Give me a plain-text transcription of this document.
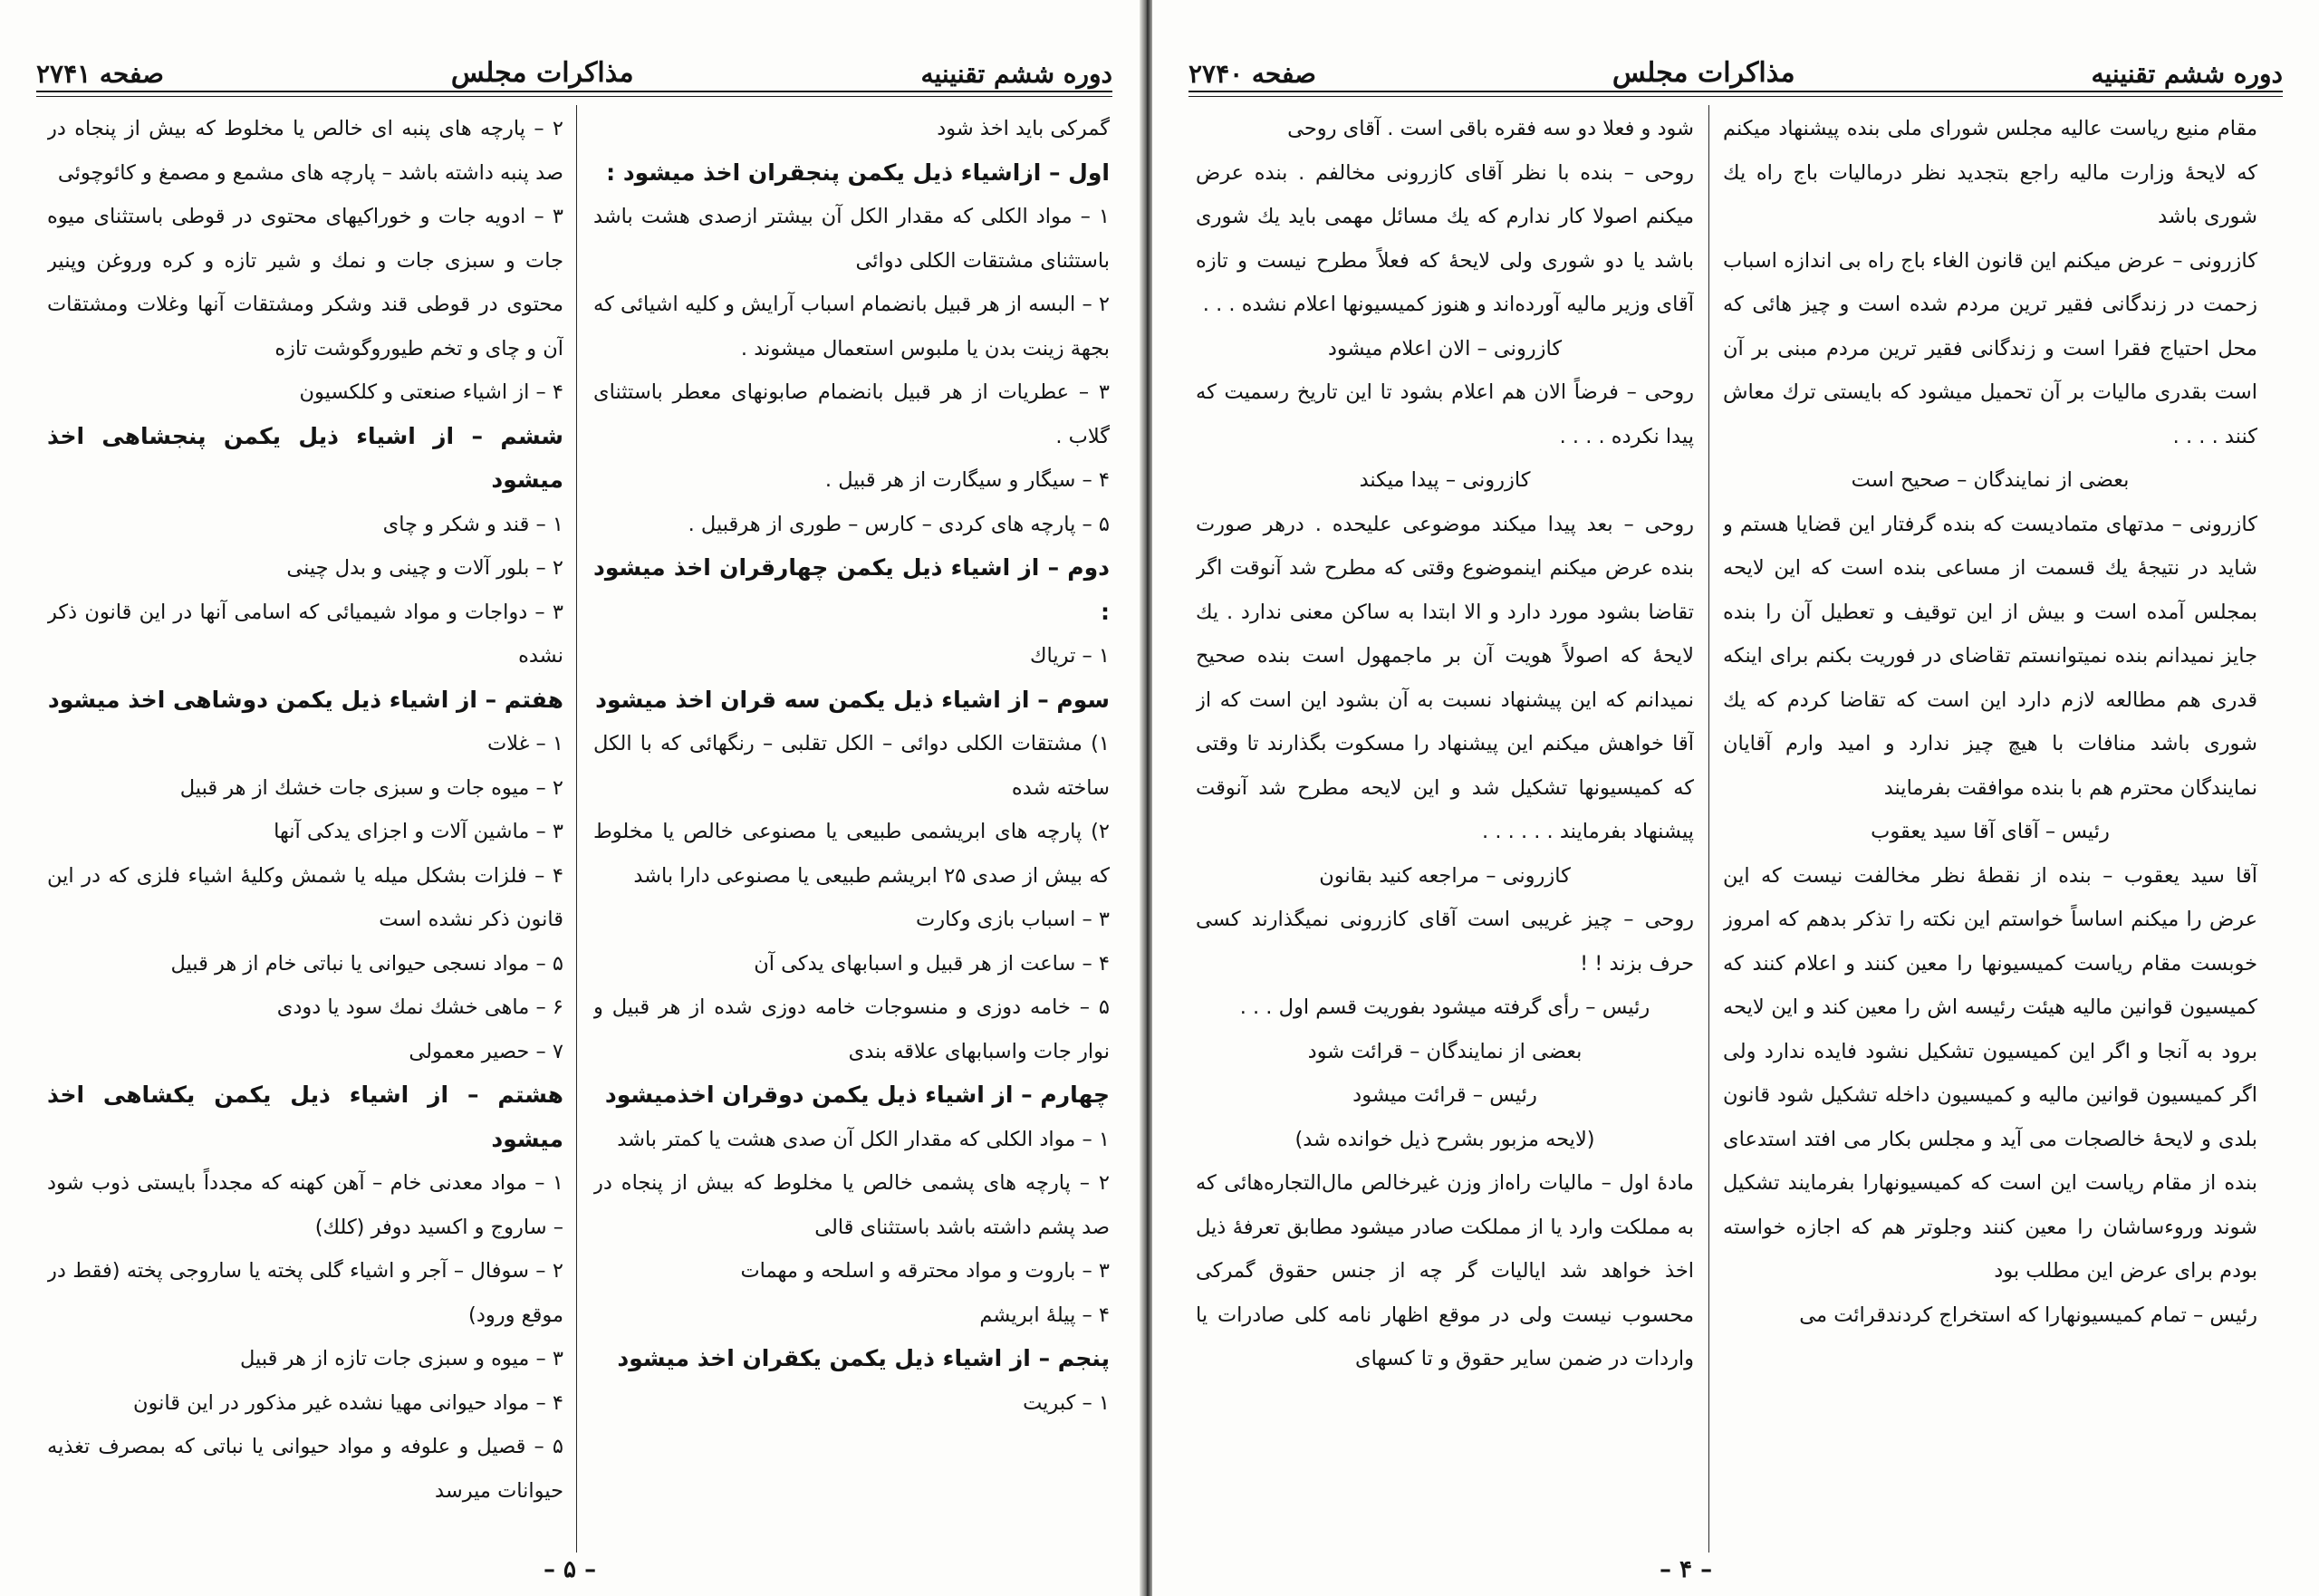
دوره ششم تقنینیه
مذاکرات مجلس
صفحه ۲۷۴۱

گمرکی باید اخذ شود

اول – ازاشیاء ذیل یکمن پنجقران اخذ میشود :

۱ – مواد الکلی که مقدار الکل آن بیشتر ازصدی هشت باشد باستثنای مشتقات الکلی دوائی

۲ – البسه از هر قبیل بانضمام اسباب آرایش و کلیه اشیائی که بجهة زینت بدن یا ملبوس استعمال میشوند .

۳ – عطریات از هر قبیل بانضمام صابونهای معطر باستثنای گلاب .

۴ – سیگار و سیگارت از هر قبیل .

۵ – پارچه های کردی – کارس – طوری از هرقبیل .

دوم – از اشیاء ذیل یکمن چهارقران اخذ میشود :

۱ – تریاك

سوم – از اشیاء ذیل یکمن سه قران اخذ میشود

۱) مشتقات الکلی دوائی – الکل تقلبی – رنگهائی که با الکل ساخته شده

۲) پارچه های ابریشمی طبیعی یا مصنوعی خالص یا مخلوط که بیش از صدی ۲۵ ابریشم طبیعی یا مصنوعی دارا باشد

۳ – اسباب بازی وکارت

۴ – ساعت از هر قبیل و اسبابهای یدکی آن

۵ – خامه دوزی و منسوجات خامه دوزی شده از هر قبیل و نوار جات واسبابهای علاقه بندی

چهارم – از اشیاء ذیل یکمن دوقران اخذمیشود

۱ – مواد الکلی که مقدار الکل آن صدی هشت یا کمتر باشد

۲ – پارچه های پشمی خالص یا مخلوط که بیش از پنجاه در صد پشم داشته باشد باستثنای قالی

۳ – باروت و مواد محترقه و اسلحه و مهمات

۴ – پیلهٔ ابریشم

پنجم – از اشیاء ذیل یکمن یکقران اخذ میشود

۱ – کبریت

۲ – پارچه های پنبه ای خالص یا مخلوط که بیش از پنجاه در صد پنبه داشته باشد – پارچه های مشمع و مصمغ و کائوچوئی

۳ – ادویه جات و خوراکیهای محتوی در قوطی باستثنای میوه جات و سبزی جات و نمك و شیر تازه و کره وروغن وپنیر محتوی در قوطی قند وشکر ومشتقات آنها وغلات ومشتقات آن و چای و تخم طیوروگوشت تازه

۴ – از اشیاء صنعتی و کلکسیون

ششم – از اشیاء ذیل یکمن پنجشاهی اخذ میشود

۱ – قند و شکر و چای

۲ – بلور آلات و چینی و بدل چینی

۳ – دواجات و مواد شیمیائی که اسامی آنها در این قانون ذکر نشده

هفتم – از اشیاء ذیل یکمن دوشاهی اخذ میشود

۱ – غلات

۲ – میوه جات و سبزی جات خشك از هر قبیل

۳ – ماشین آلات و اجزای یدکی آنها

۴ – فلزات بشکل میله یا شمش وکلیهٔ اشیاء فلزی که در این قانون ذکر نشده است

۵ – مواد نسجی حیوانی یا نباتی خام از هر قبیل

۶ – ماهی خشك نمك سود یا دودی

۷ – حصیر معمولی

هشتم – از اشیاء ذیل یکمن یکشاهی اخذ میشود

۱ – مواد معدنی خام – آهن کهنه که مجدداً بایستی ذوب شود – ساروج و اکسید دوفر (کلك)

۲ – سوفال – آجر و اشیاء گلی پخته یا ساروجی پخته (فقط در موقع ورود)

۳ – میوه و سبزی جات تازه از هر قبیل

۴ – مواد حیوانی مهیا نشده غیر مذکور در این قانون

۵ – قصیل و علوفه و مواد حیوانی یا نباتی که بمصرف تغذیه حیوانات میرسد

– ۵ –
دوره ششم تقنینیه
مذاکرات مجلس
صفحه ۲۷۴۰

مقام منیع ریاست عالیه مجلس شورای ملی بنده پیشنهاد میکنم که لایحهٔ وزارت مالیه راجع بتجدید نظر درمالیات باج راه یك شوری باشد

کازرونی – عرض میکنم این قانون الغاء باج راه بی اندازه اسباب زحمت در زندگانی فقیر ترین مردم شده است و چیز هائی که محل احتیاج فقرا است و زندگانی فقیر ترین مردم مبنی بر آن است بقدری مالیات بر آن تحمیل میشود که بایستی ترك معاش کنند . . . .

بعضی از نمایندگان – صحیح است

کازرونی – مدتهای متمادیست که بنده گرفتار این قضایا هستم و شاید در نتیجهٔ یك قسمت از مساعی بنده است که این لایحه بمجلس آمده است و بیش از این توقیف و تعطیل آن را بنده جایز نمیدانم بنده نمیتوانستم تقاضای در فوریت بکنم برای اینکه قدری هم مطالعه لازم دارد این است که تقاضا کردم که یك شوری باشد منافات با هیچ چیز ندارد و امید وارم آقایان نمایندگان محترم هم با بنده موافقت بفرمایند

رئیس – آقای آقا سید یعقوب

آقا سید یعقوب – بنده از نقطهٔ نظر مخالفت نیست که این عرض را میکنم اساساً خواستم این نکته را تذکر بدهم که امروز خوبست مقام ریاست کمیسیونها را معین کنند و اعلام کنند که کمیسیون قوانین مالیه هیئت رئیسه اش را معین کند و این لایحه برود به آنجا و اگر این کمیسیون تشکیل نشود فایده ندارد ولی اگر کمیسیون قوانین مالیه و کمیسیون داخله تشکیل شود قانون بلدی و لایحهٔ خالصجات می آید و مجلس بکار می افتد استدعای بنده از مقام ریاست این است که کمیسیونهارا بفرمایند تشکیل شوند وروءساشان را معین کنند وجلوتر هم که اجازه خواسته بودم برای عرض این مطلب بود

رئیس – تمام کمیسیونهارا که استخراج کردندقرائت می

شود و فعلا دو سه فقره باقی است . آقای روحی

روحی – بنده با نظر آقای کازرونی مخالفم . بنده عرض میکنم اصولا کار ندارم که یك مسائل مهمی باید یك شوری باشد یا دو شوری ولی لایحهٔ که فعلاً مطرح نیست و تازه آقای وزیر مالیه آورده‌اند و هنوز کمیسیونها اعلام نشده . . .

کازرونی – الان اعلام میشود

روحی – فرضاً الان هم اعلام بشود تا این تاریخ رسمیت که پیدا نکرده . . . .

کازرونی – پیدا میکند

روحی – بعد پیدا میکند موضوعی علیحده . درهر صورت بنده عرض میکنم اینموضوع وقتی که مطرح شد آنوقت اگر تقاضا بشود مورد دارد و الا ابتدا به ساکن معنی ندارد . یك لایحهٔ که اصولاً هویت آن بر ماجمهول است بنده صحیح نمیدانم که این پیشنهاد نسبت به آن بشود این است که از آقا خواهش میکنم این پیشنهاد را مسکوت بگذارند تا وقتی که کمیسیونها تشکیل شد و این لایحه مطرح شد آنوقت پیشنهاد بفرمایند . . . . . .

کازرونی – مراجعه کنید بقانون

روحی – چیز غریبی است آقای کازرونی نمیگذارند کسی حرف بزند ! !

رئیس – رأی گرفته میشود بفوریت قسم اول . . .

بعضی از نمایندگان – قرائت شود

رئیس – قرائت میشود

(لایحه مزبور بشرح ذیل خوانده شد)

مادهٔ اول – مالیات راه‌از وزن غیرخالص مال‌التجاره‌هائی که به مملکت وارد یا از مملکت صادر میشود مطابق تعرفهٔ ذیل اخذ خواهد شد ایالیات گر چه از جنس حقوق گمرکی محسوب نیست ولی در موقع اظهار نامه کلی صادرات یا واردات در ضمن سایر حقوق و تا کسهای

– ۴ –
